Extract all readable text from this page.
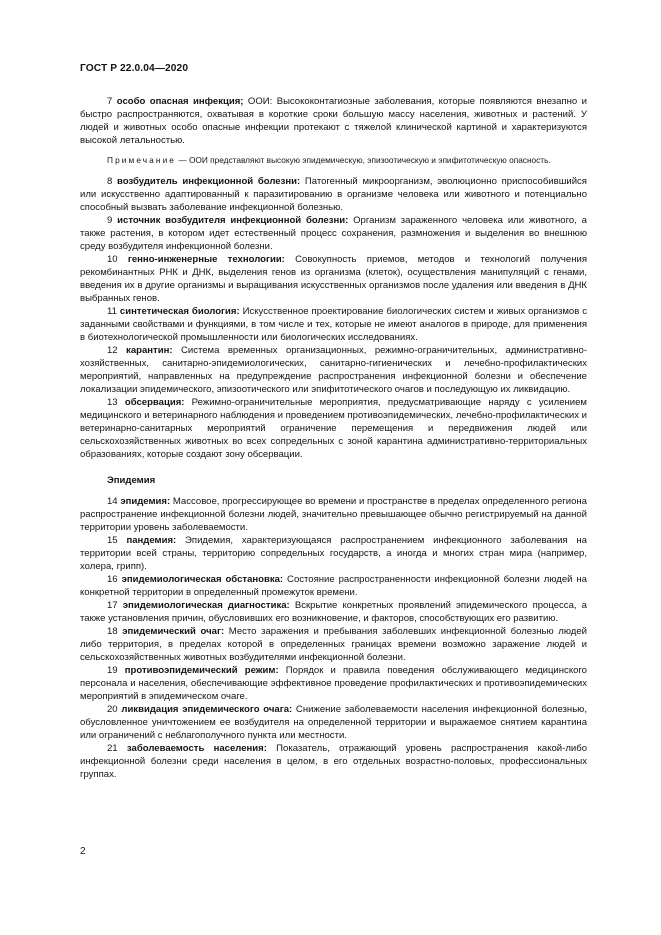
ГОСТ Р 22.0.04—2020

7 особо опасная инфекция; ООИ: Высококонтагиозные заболевания, которые появляются внезапно и быстро распространяются, охватывая в короткие сроки большую массу населения, животных и растений. У людей и животных особо опасные инфекции протекают с тяжелой клинической картиной и характеризуются высокой летальностью.

Примечание — ООИ представляют высокую эпидемическую, эпизоотическую и эпифитотическую опасность.

8 возбудитель инфекционной болезни: Патогенный микроорганизм, эволюционно приспособившийся или искусственно адаптированный к паразитированию в организме человека или животного и потенциально способный вызвать заболевание инфекционной болезнью.

9 источник возбудителя инфекционной болезни: Организм зараженного человека или животного, а также растения, в котором идет естественный процесс сохранения, размножения и выделения во внешнюю среду возбудителя инфекционной болезни.

10 генно-инженерные технологии: Совокупность приемов, методов и технологий получения рекомбинантных РНК и ДНК, выделения генов из организма (клеток), осуществления манипуляций с генами, введения их в другие организмы и выращивания искусственных организмов после удаления или введения в ДНК выбранных генов.

11 синтетическая биология: Искусственное проектирование биологических систем и живых организмов с заданными свойствами и функциями, в том числе и тех, которые не имеют аналогов в природе, для применения в биотехнологической промышленности или биологических исследованиях.

12 карантин: Система временных организационных, режимно-ограничительных, административно-хозяйственных, санитарно-эпидемиологических, санитарно-гигиенических и лечебно-профилактических мероприятий, направленных на предупреждение распространения инфекционной болезни и обеспечение локализации эпидемического, эпизоотического или эпифитотического очагов и последующую их ликвидацию.

13 обсервация: Режимно-ограничительные мероприятия, предусматривающие наряду с усилением медицинского и ветеринарного наблюдения и проведением противоэпидемических, лечебно-профилактических и ветеринарно-санитарных мероприятий ограничение перемещения и передвижения людей или сельскохозяйственных животных во всех сопредельных с зоной карантина административно-территориальных образованиях, которые создают зону обсервации.

Эпидемия

14 эпидемия: Массовое, прогрессирующее во времени и пространстве в пределах определенного региона распространение инфекционной болезни людей, значительно превышающее обычно регистрируемый на данной территории уровень заболеваемости.

15 пандемия: Эпидемия, характеризующаяся распространением инфекционного заболевания на территории всей страны, территорию сопредельных государств, а иногда и многих стран мира (например, холера, грипп).

16 эпидемиологическая обстановка: Состояние распространенности инфекционной болезни людей на конкретной территории в определенный промежуток времени.

17 эпидемиологическая диагностика: Вскрытие конкретных проявлений эпидемического процесса, а также установления причин, обусловивших его возникновение, и факторов, способствующих его развитию.

18 эпидемический очаг: Место заражения и пребывания заболевших инфекционной болезнью людей либо территория, в пределах которой в определенных границах времени возможно заражение людей и сельскохозяйственных животных возбудителями инфекционной болезни.

19 противоэпидемический режим: Порядок и правила поведения обслуживающего медицинского персонала и населения, обеспечивающие эффективное проведение профилактических и противоэпидемических мероприятий в эпидемическом очаге.

20 ликвидация эпидемического очага: Снижение заболеваемости населения инфекционной болезнью, обусловленное уничтожением ее возбудителя на определенной территории и выражаемое снятием карантина или ограничений с неблагополучного пункта или местности.

21 заболеваемость населения: Показатель, отражающий уровень распространения какой-либо инфекционной болезни среди населения в целом, в его отдельных возрастно-половых, профессиональных группах.

2
